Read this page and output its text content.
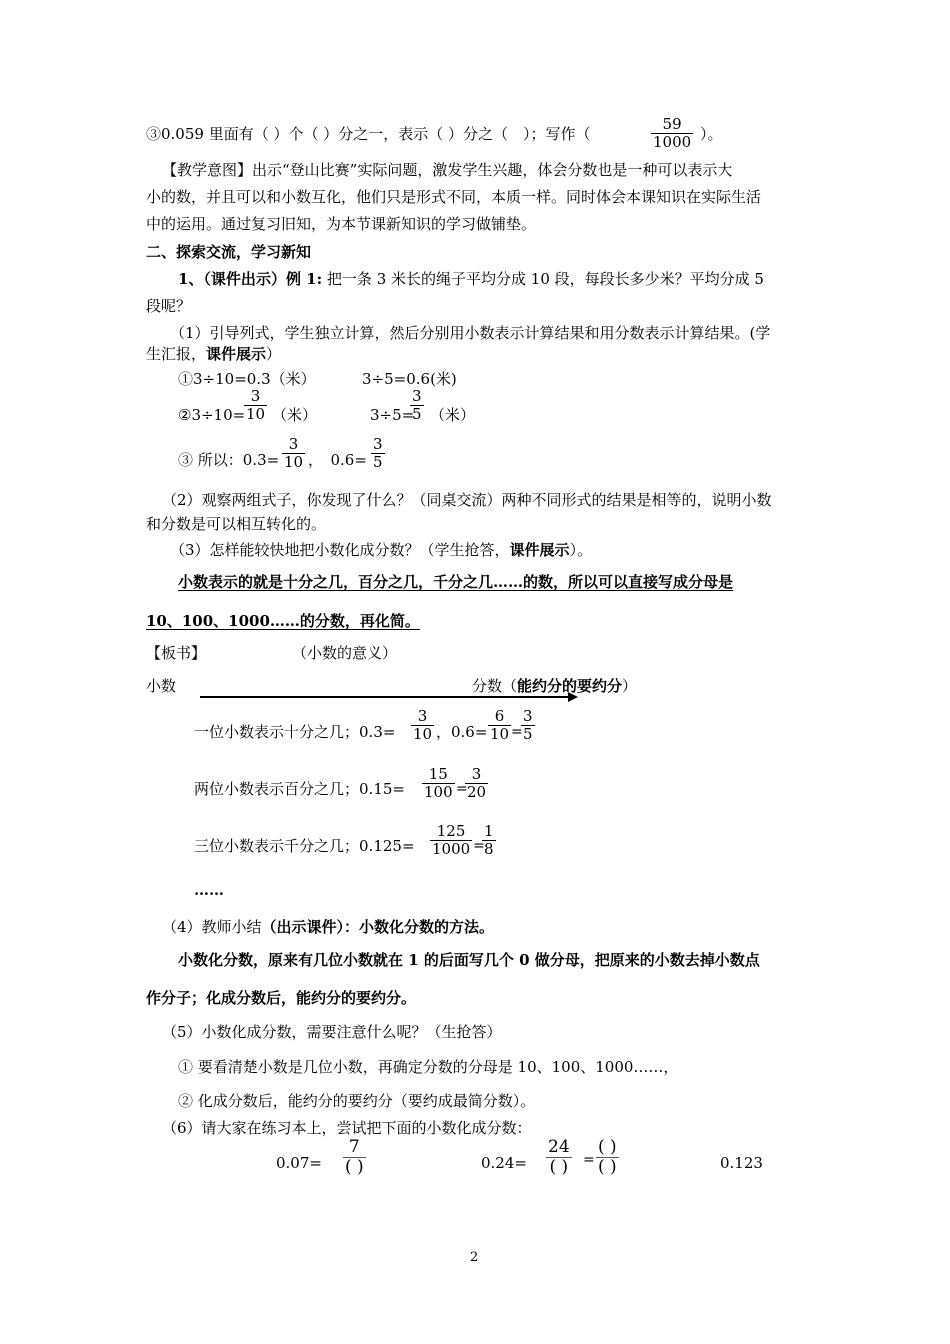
③0.059 里面有（ ）个（ ）分之一，表示（ ）分之（　）；写作（	$\frac{59}{1000}$ ）。
【教学意图】出示“登山比赛”实际问题，激发学生兴趣，体会分数也是一种可以表示大
小的数，并且可以和小数互化，他们只是形式不同，本质一样。同时体会本课知识在实际生活
中的运用。通过复习旧知，为本节课新知识的学习做铺垫。
二、探索交流，学习新知
1、（课件出示）例 1: 把一条 3 米长的绳子平均分成 10 段，每段长多少米？平均分成 5
段呢？
（1）引导列式，学生独立计算，然后分别用小数表示计算结果和用分数表示计算结果。(学
生汇报，课件展示）
①3÷10=0.3（米）	3÷5=0.6(米)
②3÷10=
$\frac{3}{10}$ （米）	3÷5=
$\frac{3}{5}$ （米）
③ 所以：$0.3= \frac{3}{10}$ ，　$0.6= \frac{3}{5}$
（2）观察两组式子，你发现了什么？（同桌交流）两种不同形式的结果是相等的，说明小数
和分数是可以相互转化的。
（3）怎样能较快地把小数化成分数？（学生抢答，课件展示）。
小数表示的就是十分之几，百分之几，千分之几……的数，所以可以直接写成分母是
10、100、1000……的分数，再化简。
【板书】	（小数的意义）
小数	分数（能约分的要约分）
一位小数表示十分之几；$0.3= \frac{3}{10}$ ，$0.6= \frac{6}{10}$ =
$\frac{3}{5}$
两位小数表示百分之几；$0.15= \frac{15}{100}$ =
$\frac{3}{20}$
三位小数表示千分之几；$0.125= \frac{125}{1000}$ =
$\frac{1}{8}$
……
（4）教师小结（出示课件）：小数化分数的方法。
小数化分数，原来有几位小数就在 1 的后面写几个 0 做分母，把原来的小数去掉小数点
作分子；化成分数后，能约分的要约分。
（5）小数化成分数，需要注意什么呢？（生抢答）
① 要看清楚小数是几位小数，再确定分数的分母是 10、100、1000……，
② 化成分数后，能约分的要约分（要约成最简分数）。
（6）请大家在练习本上，尝试把下面的小数化成分数：
0.07=
7
( )	0.24=
24
( ) =
( )
( )	0.123
2
